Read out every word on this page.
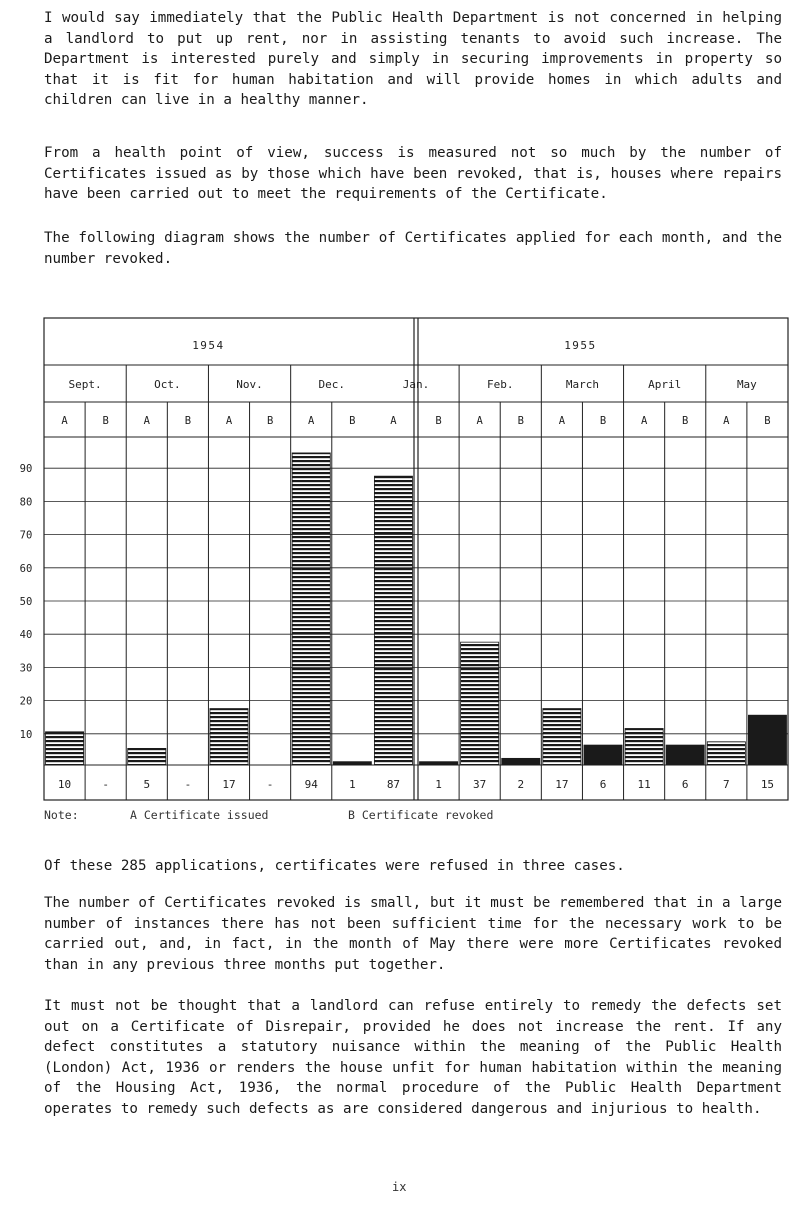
I would say immediately that the Public Health Department is not concerned in helping a landlord to put up rent, nor in assisting tenants to avoid such increase. The Department is interested purely and simply in securing improvements in property so that it is fit for human habitation and will provide homes in which adults and children can live in a healthy manner.

From a health point of view, success is measured not so much by the number of Certificates issued as by those which have been revoked, that is, houses where repairs have been carried out to meet the requirements of the Certificate.

The following diagram shows the number of Certificates applied for each month, and the number revoked.

1954
Sept.	Oct.	Nov.	Dec.
1955
Jan.	Feb.	March	April	May
A	B	A	B	A	B	A	B	A	B	A	B	A	B	A	B	A	B
10
20
30
40
50
60
70
80
90
10	-	5	-	17	-	94	1	87	1	37	2	17	6	11	6	7	15
Note:	A Certificate issued	B Certificate revoked

Of these 285 applications, certificates were refused in three cases.

The number of Certificates revoked is small, but it must be remembered that in a large number of instances there has not been sufficient time for the necessary work to be carried out, and, in fact, in the month of May there were more Certificates revoked than in any previous three months put together.

It must not be thought that a landlord can refuse entirely to remedy the defects set out on a Certificate of Disrepair, provided he does not increase the rent. If any defect constitutes a statutory nuisance within the meaning of the Public Health (London) Act, 1936 or renders the house unfit for human habitation within the meaning of the Housing Act, 1936, the normal procedure of the Public Health Department operates to remedy such defects as are considered dangerous and injurious to health.

ix
